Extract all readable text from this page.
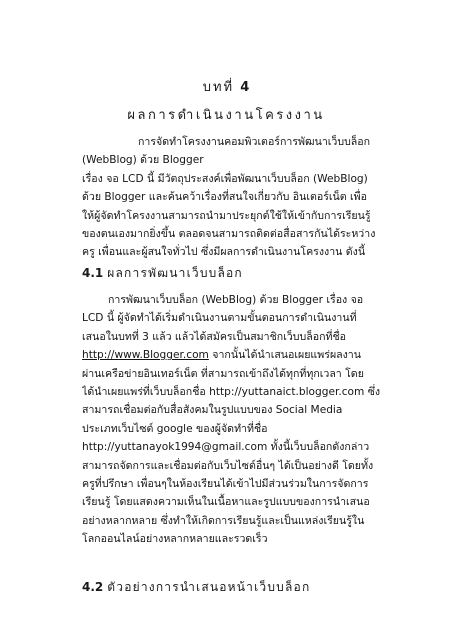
บทที่ 4
ผลการดำเนินงานโครงงาน
การจัดทำโครงงานคอมพิวเตอร์การพัฒนาเว็บบล็อก
(WebBlog) ด้วย Blogger
เรื่อง จอ LCD นี้ มีวัตถุประสงค์เพื่อพัฒนาเว็บบล็อก (WebBlog)
ด้วย Blogger และค้นคว้าเรื่องที่สนใจเกี่ยวกับ อินเตอร์เน็ต เพื่อ
ให้ผู้จัดทำโครงงานสามารถนำมาประยุกต์ใช้ให้เข้ากับการเรียนรู้
ของตนเองมากยิ่งขึ้น ตลอดจนสามารถติดต่อสื่อสารกันได้ระหว่าง
ครู เพื่อนและผู้สนใจทั่วไป ซึ่งมีผลการดำเนินงานโครงงาน ดังนี้
4.1 ผลการพัฒนาเว็บบล็อก
การพัฒนาเว็บบล็อก (WebBlog) ด้วย Blogger เรื่อง จอ
LCD นี้ ผู้จัดทำได้เริ่มดำเนินงานตามขั้นตอนการดำเนินงานที่
เสนอในบทที่ 3 แล้ว แล้วได้สมัครเป็นสมาชิกเว็บบล็อกที่ชื่อ
http://www.Blogger.com จากนั้นได้นำเสนอเผยแพร่ผลงาน
ผ่านเครือข่ายอินเทอร์เน็ต ที่สามารถเข้าถึงได้ทุกที่ทุกเวลา โดย
ได้นำเผยแพร่ที่เว็บบล็อกชื่อ http://yuttanaict.blogger.com ซึ่ง
สามารถเชื่อมต่อกับสื่อสังคมในรูปแบบของ Social Media
ประเภทเว็บไซต์ google ของผู้จัดทำที่ชื่อ
http://yuttanayok1994@gmail.com ทั้งนี้เว็บบล็อกดังกล่าว
สามารถจัดการและเชื่อมต่อกับเว็บไซต์อื่นๆ ได้เป็นอย่างดี โดยทั้ง
ครูที่ปรึกษา เพื่อนๆในห้องเรียนได้เข้าไปมีส่วนร่วมในการจัดการ
เรียนรู้ โดยแสดงความเห็นในเนื้อหาและรูปแบบของการนำเสนอ
อย่างหลากหลาย ซึ่งทำให้เกิดการเรียนรู้และเป็นแหล่งเรียนรู้ใน
โลกออนไลน์อย่างหลากหลายและรวดเร็ว
4.2 ตัวอย่างการนำเสนอหน้าเว็บบล็อก
